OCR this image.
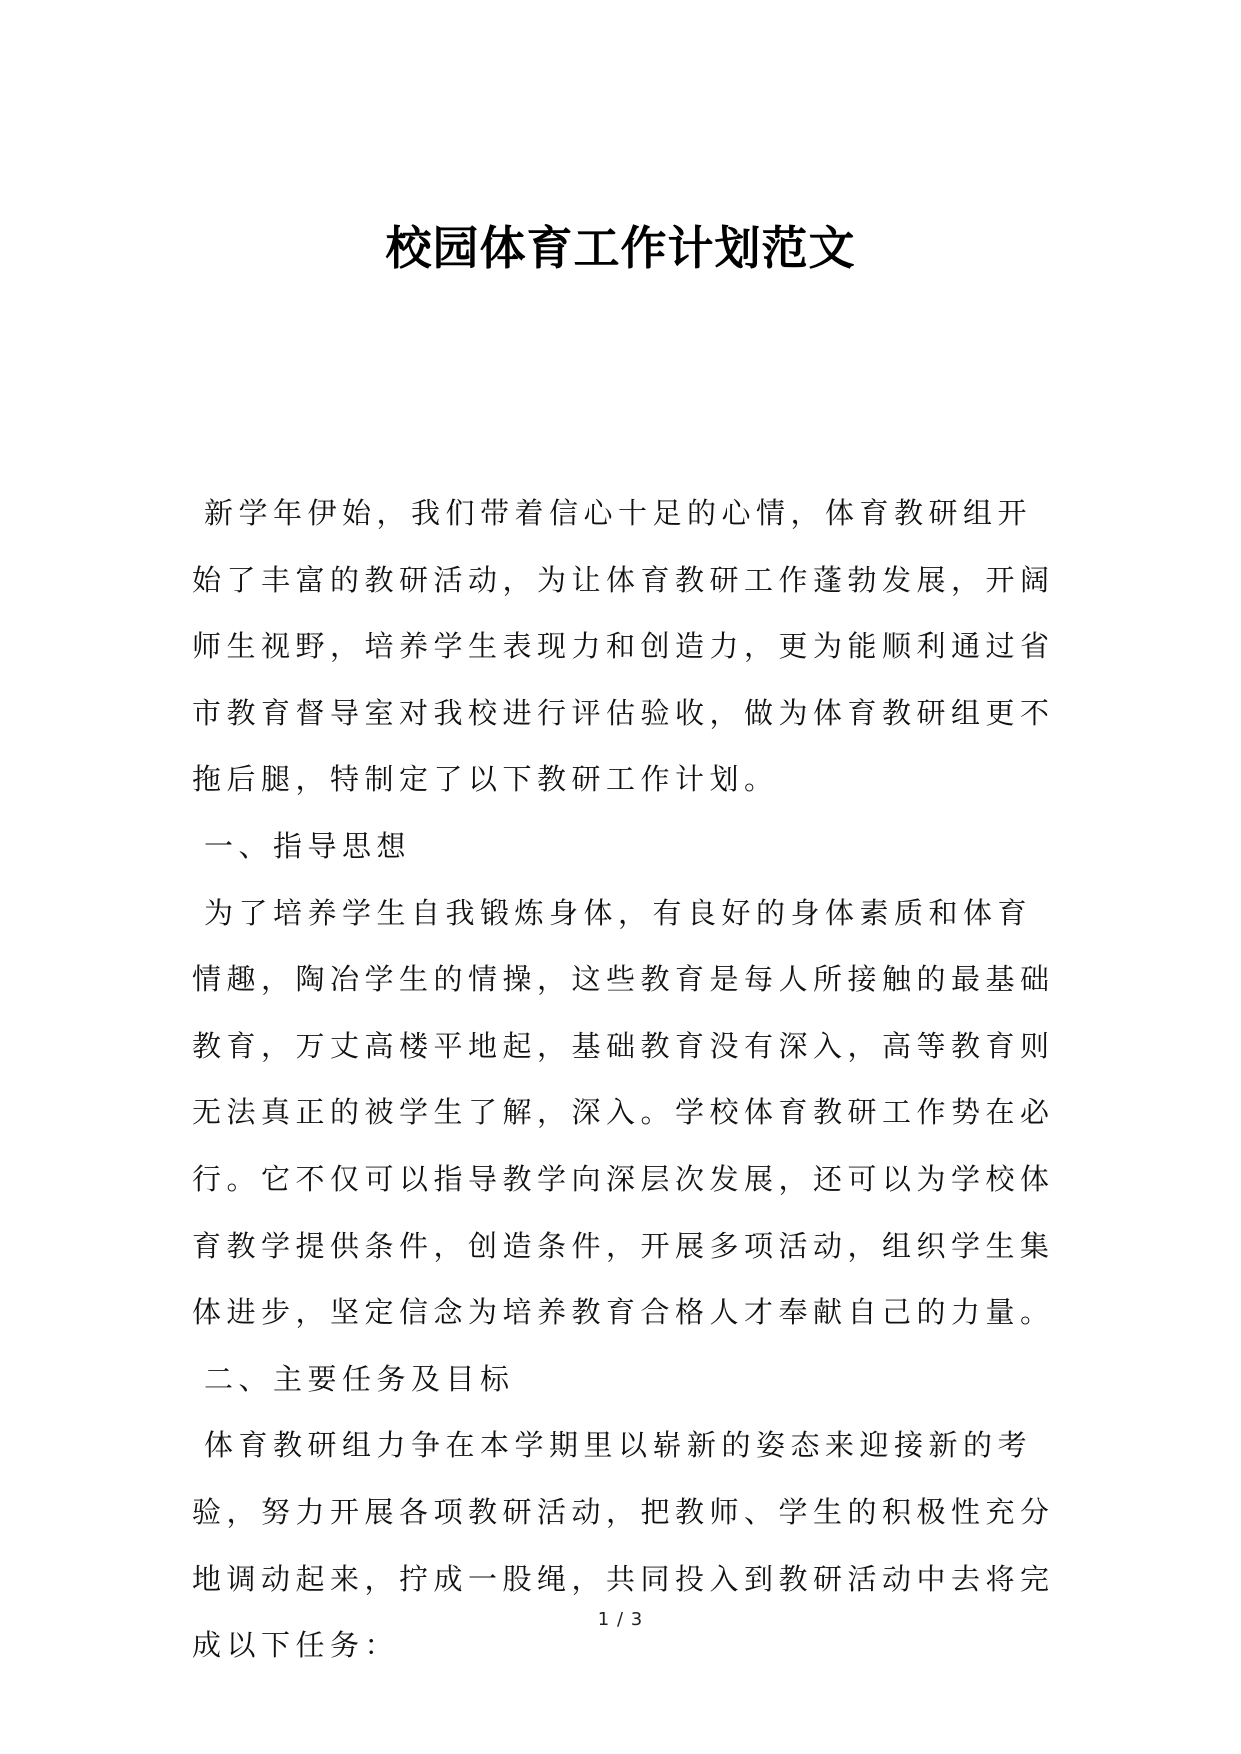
校园体育工作计划范文

新学年伊始，我们带着信心十足的心情，体育教研组开始了丰富的教研活动，为让体育教研工作蓬勃发展，开阔师生视野，培养学生表现力和创造力，更为能顺利通过省市教育督导室对我校进行评估验收，做为体育教研组更不拖后腿，特制定了以下教研工作计划。

一、指导思想

为了培养学生自我锻炼身体，有良好的身体素质和体育情趣，陶冶学生的情操，这些教育是每人所接触的最基础教育，万丈高楼平地起，基础教育没有深入，高等教育则无法真正的被学生了解，深入。学校体育教研工作势在必行。它不仅可以指导教学向深层次发展，还可以为学校体育教学提供条件，创造条件，开展多项活动，组织学生集体进步，坚定信念为培养教育合格人才奉献自己的力量。

二、主要任务及目标

体育教研组力争在本学期里以崭新的姿态来迎接新的考验，努力开展各项教研活动，把教师、学生的积极性充分地调动起来，拧成一股绳，共同投入到教研活动中去将完成以下任务：

1 / 3
